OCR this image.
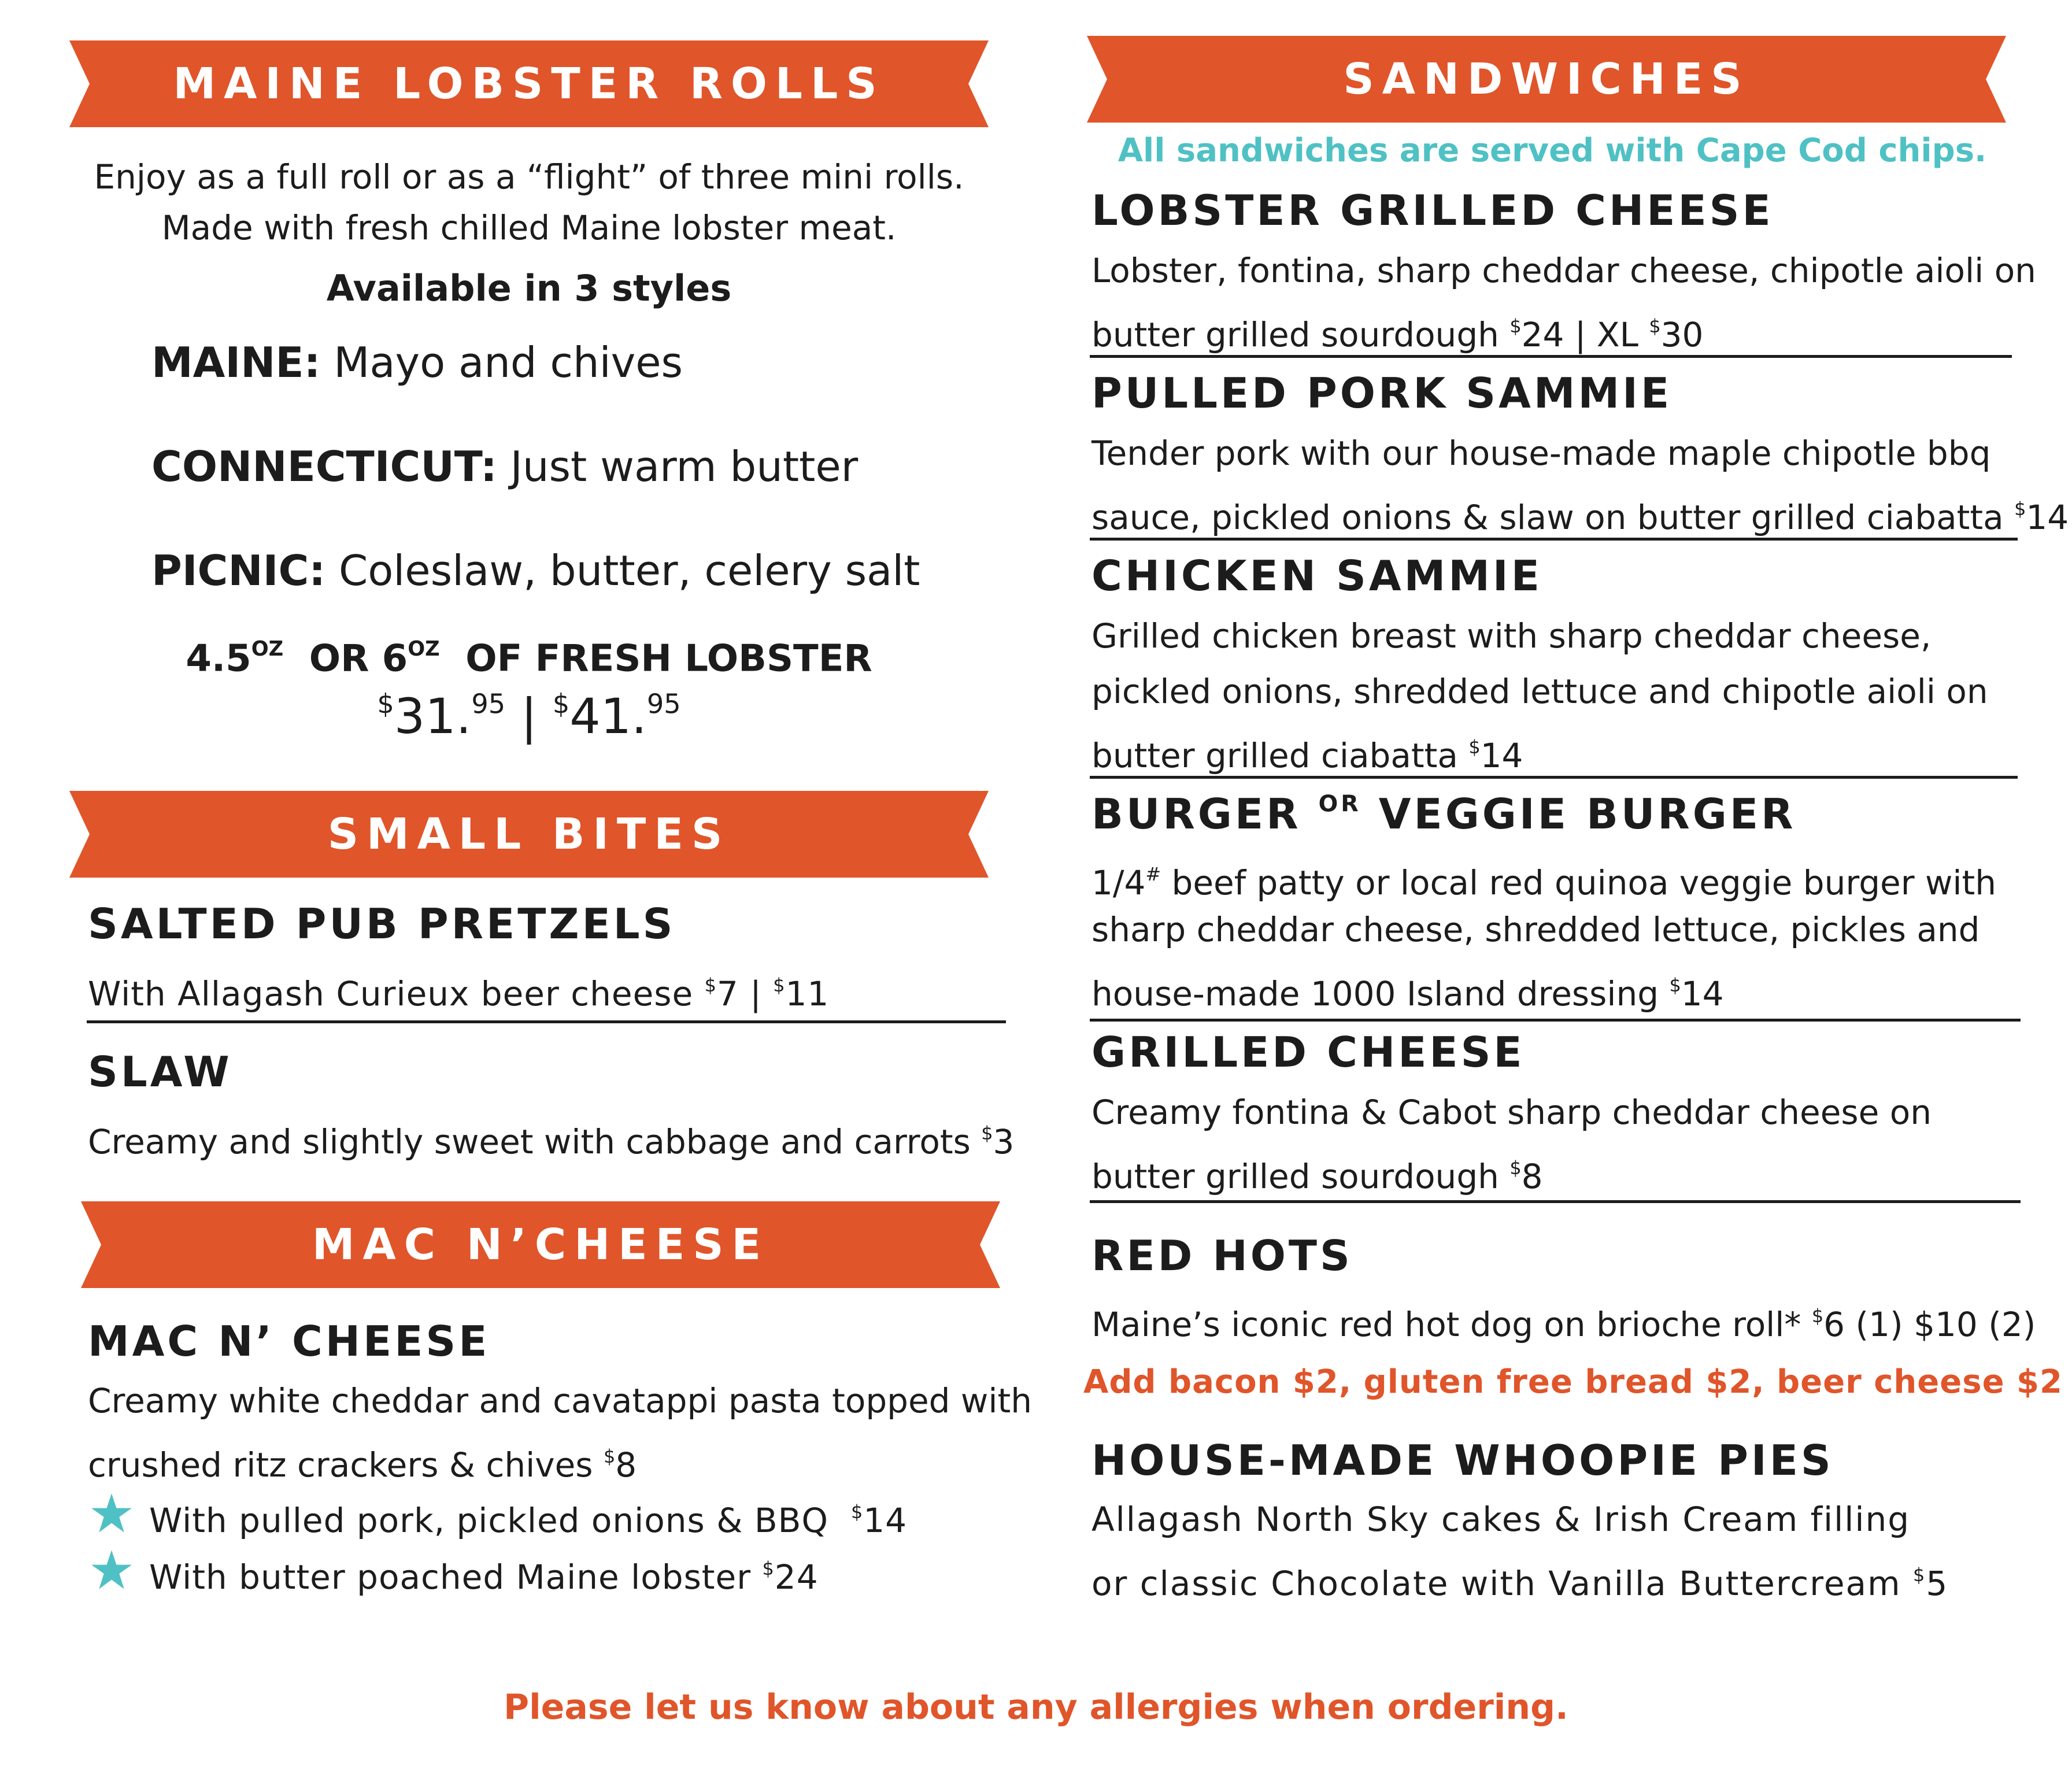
MAINE LOBSTER ROLLS
Enjoy as a full roll or as a “flight” of three mini rolls.
Made with fresh chilled Maine lobster meat.
Available in 3 styles
MAINE: Mayo and chives
CONNECTICUT: Just warm butter
PICNIC: Coleslaw, butter, celery salt
$4.5^{OZ}$ OR $6^{OZ}$ OF FRESH LOBSTER
$31.95 | $41.95
SMALL BITES
SALTED PUB PRETZELS
With Allagash Curieux beer cheese $7 | $11
SLAW
Creamy and slightly sweet with cabbage and carrots $3
MAC N’CHEESE
MAC N’ CHEESE
Creamy white cheddar and cavatappi pasta topped with
crushed ritz crackers & chives $8
With pulled pork, pickled onions & BBQ $14
With butter poached Maine lobster $24
SANDWICHES
All sandwiches are served with Cape Cod chips.
LOBSTER GRILLED CHEESE
Lobster, fontina, sharp cheddar cheese, chipotle aioli on
butter grilled sourdough $24 | XL $30
PULLED PORK SAMMIE
Tender pork with our house-made maple chipotle bbq
sauce, pickled onions & slaw on butter grilled ciabatta $14
CHICKEN SAMMIE
Grilled chicken breast with sharp cheddar cheese,
pickled onions, shredded lettuce and chipotle aioli on
butter grilled ciabatta $14
BURGER $^{OR}$ VEGGIE BURGER
1/4# beef patty or local red quinoa veggie burger with
sharp cheddar cheese, shredded lettuce, pickles and
house-made 1000 Island dressing $14
GRILLED CHEESE
Creamy fontina & Cabot sharp cheddar cheese on
butter grilled sourdough $8
RED HOTS
Maine’s iconic red hot dog on brioche roll* $6 (1) $10 (2)
Add bacon $2, gluten free bread $2, beer cheese $2
HOUSE-MADE WHOOPIE PIES
Allagash North Sky cakes & Irish Cream filling
or classic Chocolate with Vanilla Buttercream $5
Please let us know about any allergies when ordering.
